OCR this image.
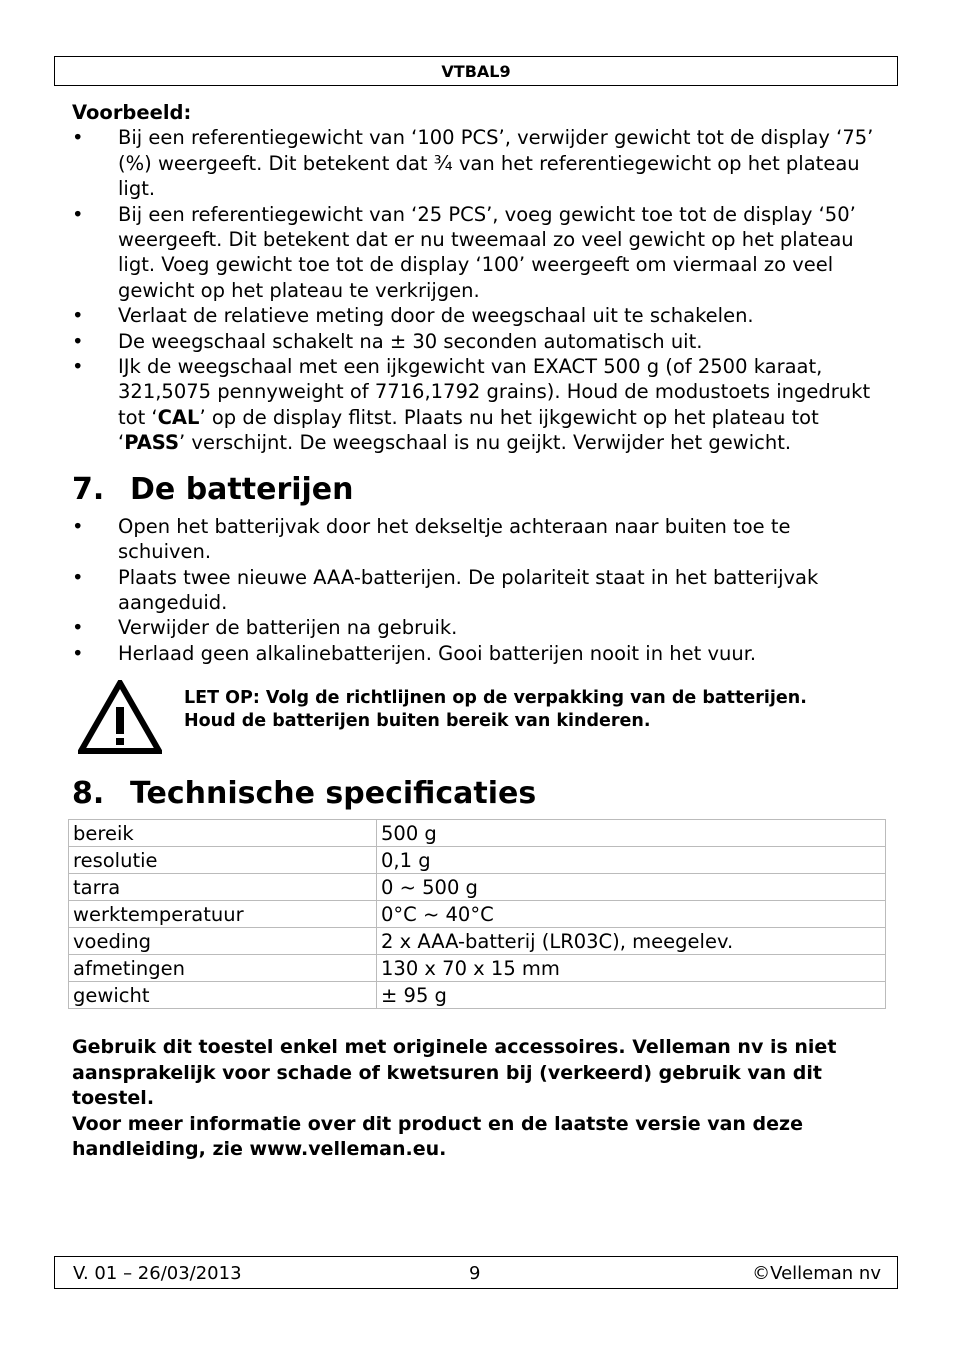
VTBAL9

Voorbeeld:

• Bij een referentiegewicht van ‘100 PCS’, verwijder gewicht tot de display ‘75’ (%) weergeeft. Dit betekent dat ¾ van het referentiegewicht op het plateau ligt.
• Bij een referentiegewicht van ‘25 PCS’, voeg gewicht toe tot de display ‘50’ weergeeft. Dit betekent dat er nu tweemaal zo veel gewicht op het plateau ligt. Voeg gewicht toe tot de display ‘100’ weergeeft om viermaal zo veel gewicht op het plateau te verkrijgen.
• Verlaat de relatieve meting door de weegschaal uit te schakelen.
• De weegschaal schakelt na ± 30 seconden automatisch uit.
• IJk de weegschaal met een ijkgewicht van EXACT 500 g (of 2500 karaat, 321,5075 pennyweight of 7716,1792 grains). Houd de modustoets ingedrukt tot ‘CAL’ op de display flitst. Plaats nu het ijkgewicht op het plateau tot ‘PASS’ verschijnt. De weegschaal is nu geijkt. Verwijder het gewicht.
7. De batterijen
• Open het batterijvak door het dekseltje achteraan naar buiten toe te schuiven.
• Plaats twee nieuwe AAA-batterijen. De polariteit staat in het batterijvak aangeduid.
• Verwijder de batterijen na gebruik.
• Herlaad geen alkalinebatterijen. Gooi batterijen nooit in het vuur.
LET OP: Volg de richtlijnen op de verpakking van de batterijen.
Houd de batterijen buiten bereik van kinderen.
8. Technische specificaties
bereik	500 g
resolutie	0,1 g
tarra	0 ~ 500 g
werktemperatuur	0°C ~ 40°C
voeding	2 x AAA-batterij (LR03C), meegelev.
afmetingen	130 x 70 x 15 mm
gewicht	± 95 g
Gebruik dit toestel enkel met originele accessoires. Velleman nv is niet aansprakelijk voor schade of kwetsuren bij (verkeerd) gebruik van dit toestel.
Voor meer informatie over dit product en de laatste versie van deze handleiding, zie www.velleman.eu.
V. 01 – 26/03/2013	9	©Velleman nv
